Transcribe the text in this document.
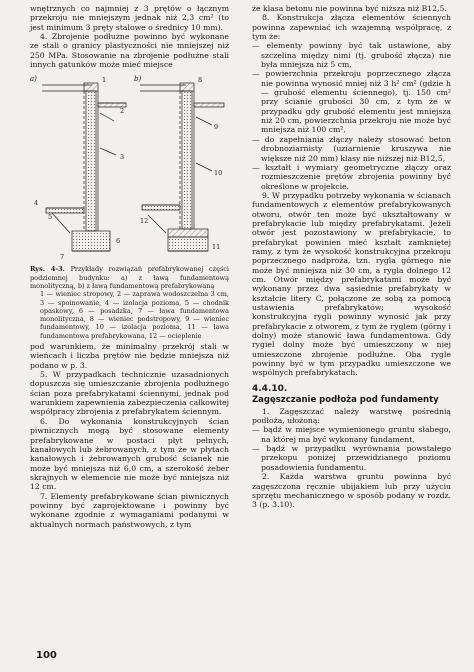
wnętrznych co najmniej z 3 prętów o łącznym przekroju nie mniejszym jednak niż 2,3 cm² (to jest minimum 3 pręty stalowe o średnicy 10 mm).

4. Zbrojenie podłużne powinno być wykonane ze stali o granicy plastyczności nie mniejszej niż 250 MPa. Stosowanie na zbrojenie podłużne stali innych gatunków może mieć miejsce

a)	b)
1
2
3
4
5
6
7
8
9
10
11
12

Rys. 4-3. Przykłady rozwiązań prefabrykowanej części podziemnej budynku: a) z ławą fundamentową monolityczną, b) z ławą fundamentową prefabrykowaną

1 — wieniec stropowy, 2 — zaprawa wodoszczelna 3 cm, 3 — spoinowanie, 4 — izolacja pozioma, 5 — chodnik opaskowy, 6 — posadzka, 7 — ława fundamentowa monolityczna, 8 — wieniec podstropowy, 9 — wieniec fundamentowy, 10 — izolacja pozioma, 11 — ława fundamentowa prefabrykowana, 12 — ocieplenie

pod warunkiem, że minimalny przekrój stali w wieńcach i liczba prętów nie będzie mniejsza niż podano w p. 3.

5. W przypadkach technicznie uzasadnionych dopuszcza się umieszczanie zbrojenia podłużnego ścian poza prefabrykatami ściennymi, jednak pod warunkiem zapewnienia zabezpieczenia całkowitej współpracy zbrojenia z prefabrykatem ściennym.

6. Do wykonania konstrukcyjnych ścian piwnicznych mogą być stosowane elementy prefabrykowane w postaci płyt pełnych, kanałowych lub żebrowanych, z tym że w płytach kanałowych i żebrowanych grubość ścianek nie może być mniejsza niż 6,0 cm, a szerokość żeber skrajnych w elemencie nie może być mniejsza niż 12 cm.

7. Elementy prefabrykowane ścian piwnicznych powinny być zaprojektowane i powinny być wykonane zgodnie z wymaganiami podanymi w aktualnych normach państwowych, z tym

że klasa betonu nie powinna być niższa niż B12,5.

8. Konstrukcja złącza elementów ściennych powinna zapewniać ich wzajemną współpracę, z tym że:

— elementy powinny być tak ustawione, aby szczelina między nimi (tj. grubość złącza) nie była mniejsza niż 5 cm,

— powierzchnia przekroju poprzecznego złącza nie powinna wynosić mniej niż 3 h² cm² (gdzie h — grubość elementu ściennego), tj. 150 cm² przy ścianie grubości 30 cm, z tym że w przypadku gdy grubość elementu jest mniejsza niż 20 cm, powierzchnia przekroju nie może być mniejsza niż 100 cm²,

— do zapełniania złączy należy stosować beton drobnoziarnisty (uziarnienie kruszywa nie większe niż 20 mm) klasy nie niższej niż B12,5,

— kształt i wymiary geometryczne złączy oraz rozmieszczenie prętów zbrojenia powinny być określone w projekcie.

9. W przypadku potrzeby wykonania w ścianach fundamentowych z elementów prefabrykowanych otworu, otwór ten może być ukształtowany w prefabrykacie lub między prefabrykatami. Jeżeli otwór jest pozostawiony w prefabrykacie, to prefabrykat powinien mieć kształt zamkniętej ramy, z tym że wysokość konstrukcyjna przekroju poprzecznego nadproża, tzn. rygla górnego nie może być mniejsza niż 30 cm, a rygla dolnego 12 cm. Otwór między prefabrykatami może być wykonany przez dwa sąsiednie prefabrykaty w kształcie litery C, połączone ze sobą za pomocą ustawienia prefabrykatów; wysokość konstrukcyjna rygli powinny wynosić jak przy prefabrykacie z otworem, z tym że ryglem (górny i dolny) może stanowić ława fundamentowa. Gdy rygiel dolny może być umieszczony w niej umieszczone zbrojenie podłużne. Oba rygle powinny być w tym przypadku umieszczone we wspólnych prefabrykatach.

4.4.10.
Zagęszczanie podłoża pod fundamenty

1. Zagęszczać należy warstwę pośrednią podłoża, ułożoną:

— bądź w miejsce wymienionego gruntu słabego, na której ma być wykonany fundament,

— bądź w przypadku wyrównania powstałego przekopu poniżej przewidzianego poziomu posadowienia fundamentu.

2. Każda warstwa gruntu powinna być zagęszczona ręcznie ubijakiem lub przy użyciu sprzętu mechanicznego w sposób podany w rozdz. 3 (p. 3.10).

100
